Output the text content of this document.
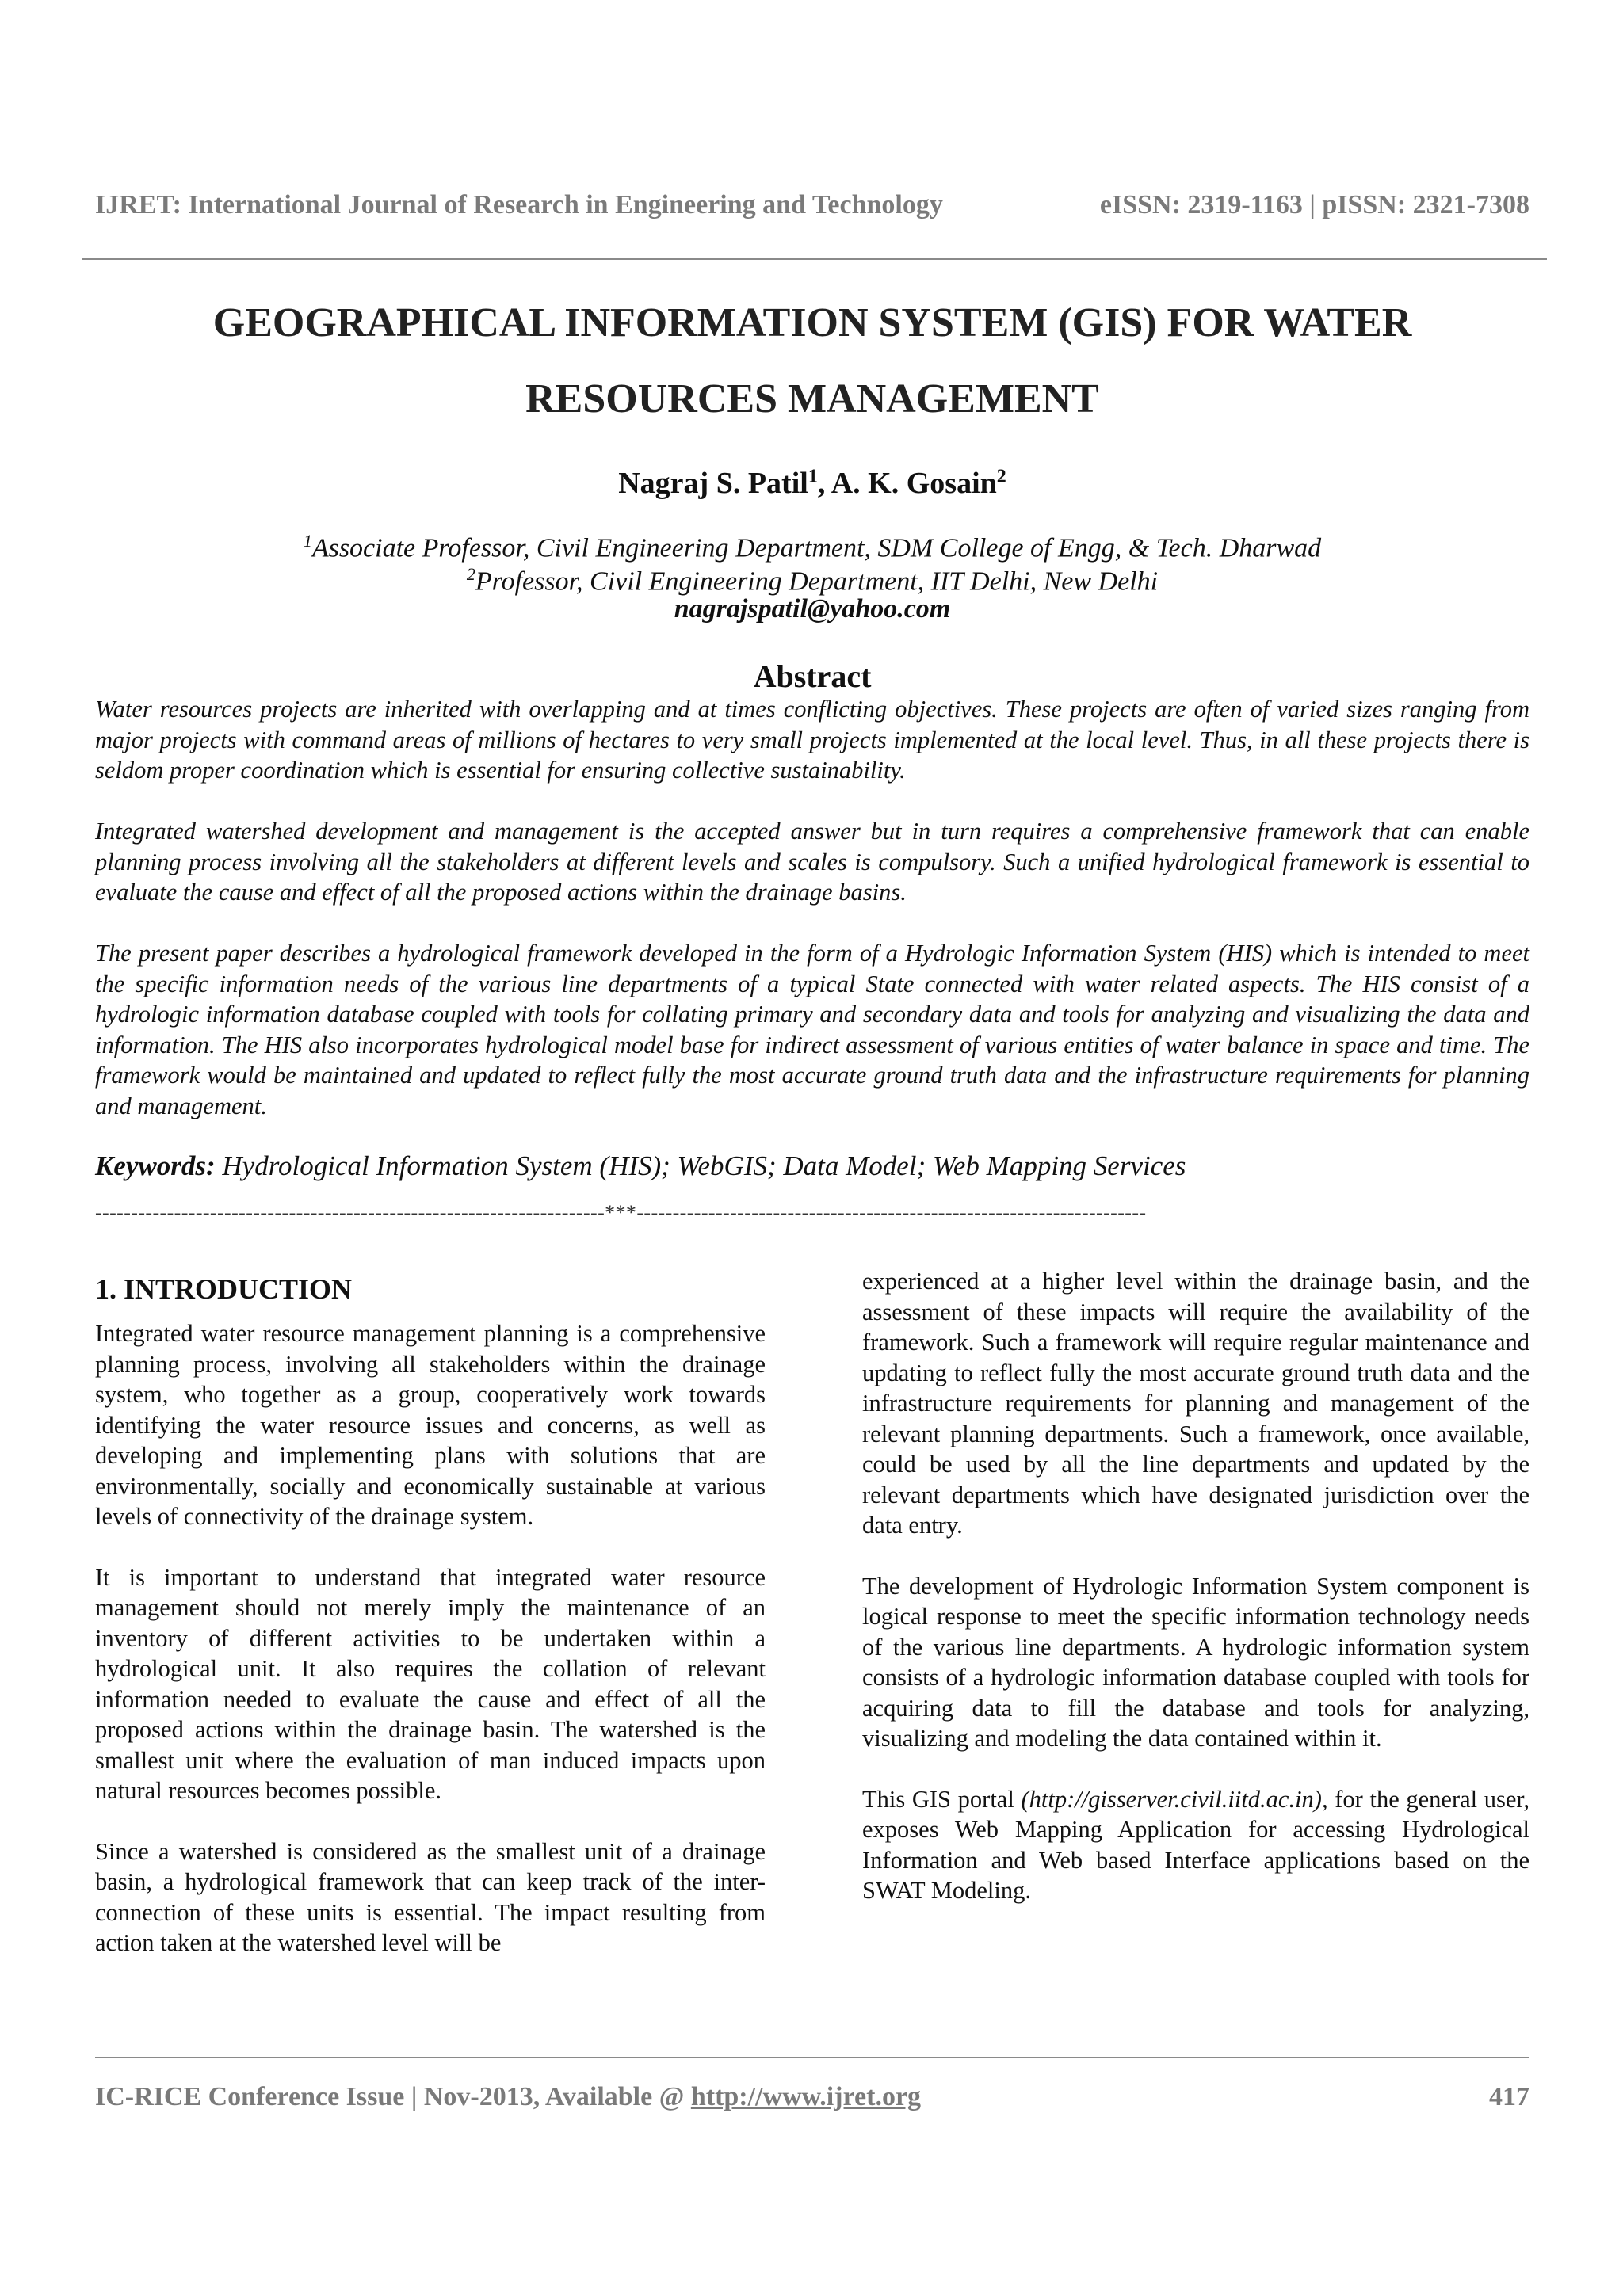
IJRET: International Journal of Research in Engineering and Technology	eISSN: 2319-1163 | pISSN: 2321-7308
GEOGRAPHICAL INFORMATION SYSTEM (GIS) FOR WATER
RESOURCES MANAGEMENT
Nagraj S. Patil$^1$, A. K. Gosain$^2$
$^1$Associate Professor, Civil Engineering Department, SDM College of Engg, & Tech. Dharwad
$^2$Professor, Civil Engineering Department, IIT Delhi, New Delhi
nagrajspatil@yahoo.com
Abstract
Water resources projects are inherited with overlapping and at times conflicting objectives. These projects are often of varied sizes ranging from major projects with command areas of millions of hectares to very small projects implemented at the local level. Thus, in all these projects there is seldom proper coordination which is essential for ensuring collective sustainability.
Integrated watershed development and management is the accepted answer but in turn requires a comprehensive framework that can enable planning process involving all the stakeholders at different levels and scales is compulsory. Such a unified hydrological framework is essential to evaluate the cause and effect of all the proposed actions within the drainage basins.
The present paper describes a hydrological framework developed in the form of a Hydrologic Information System (HIS) which is intended to meet the specific information needs of the various line departments of a typical State connected with water related aspects. The HIS consist of a hydrologic information database coupled with tools for collating primary and secondary data and tools for analyzing and visualizing the data and information. The HIS also incorporates hydrological model base for indirect assessment of various entities of water balance in space and time. The framework would be maintained and updated to reflect fully the most accurate ground truth data and the infrastructure requirements for planning and management.
Keywords: Hydrological Information System (HIS); WebGIS; Data Model; Web Mapping Services
-----------------------------------------------------------------------***-----------------------------------------------------------------------
1. INTRODUCTION

Integrated water resource management planning is a comprehensive planning process, involving all stakeholders within the drainage system, who together as a group, cooperatively work towards identifying the water resource issues and concerns, as well as developing and implementing plans with solutions that are environmentally, socially and economically sustainable at various levels of connectivity of the drainage system.

It is important to understand that integrated water resource management should not merely imply the maintenance of an inventory of different activities to be undertaken within a hydrological unit. It also requires the collation of relevant information needed to evaluate the cause and effect of all the proposed actions within the drainage basin. The watershed is the smallest unit where the evaluation of man induced impacts upon natural resources becomes possible.

Since a watershed is considered as the smallest unit of a drainage basin, a hydrological framework that can keep track of the inter-connection of these units is essential. The impact resulting from action taken at the watershed level will be

experienced at a higher level within the drainage basin, and the assessment of these impacts will require the availability of the framework. Such a framework will require regular maintenance and updating to reflect fully the most accurate ground truth data and the infrastructure requirements for planning and management of the relevant planning departments. Such a framework, once available, could be used by all the line departments and updated by the relevant departments which have designated jurisdiction over the data entry.

The development of Hydrologic Information System component is logical response to meet the specific information technology needs of the various line departments. A hydrologic information system consists of a hydrologic information database coupled with tools for acquiring data to fill the database and tools for analyzing, visualizing and modeling the data contained within it.

This GIS portal (http://gisserver.civil.iitd.ac.in), for the general user, exposes Web Mapping Application for accessing Hydrological Information and Web based Interface applications based on the SWAT Modeling.

IC-RICE Conference Issue | Nov-2013, Available @ http://www.ijret.org	417
